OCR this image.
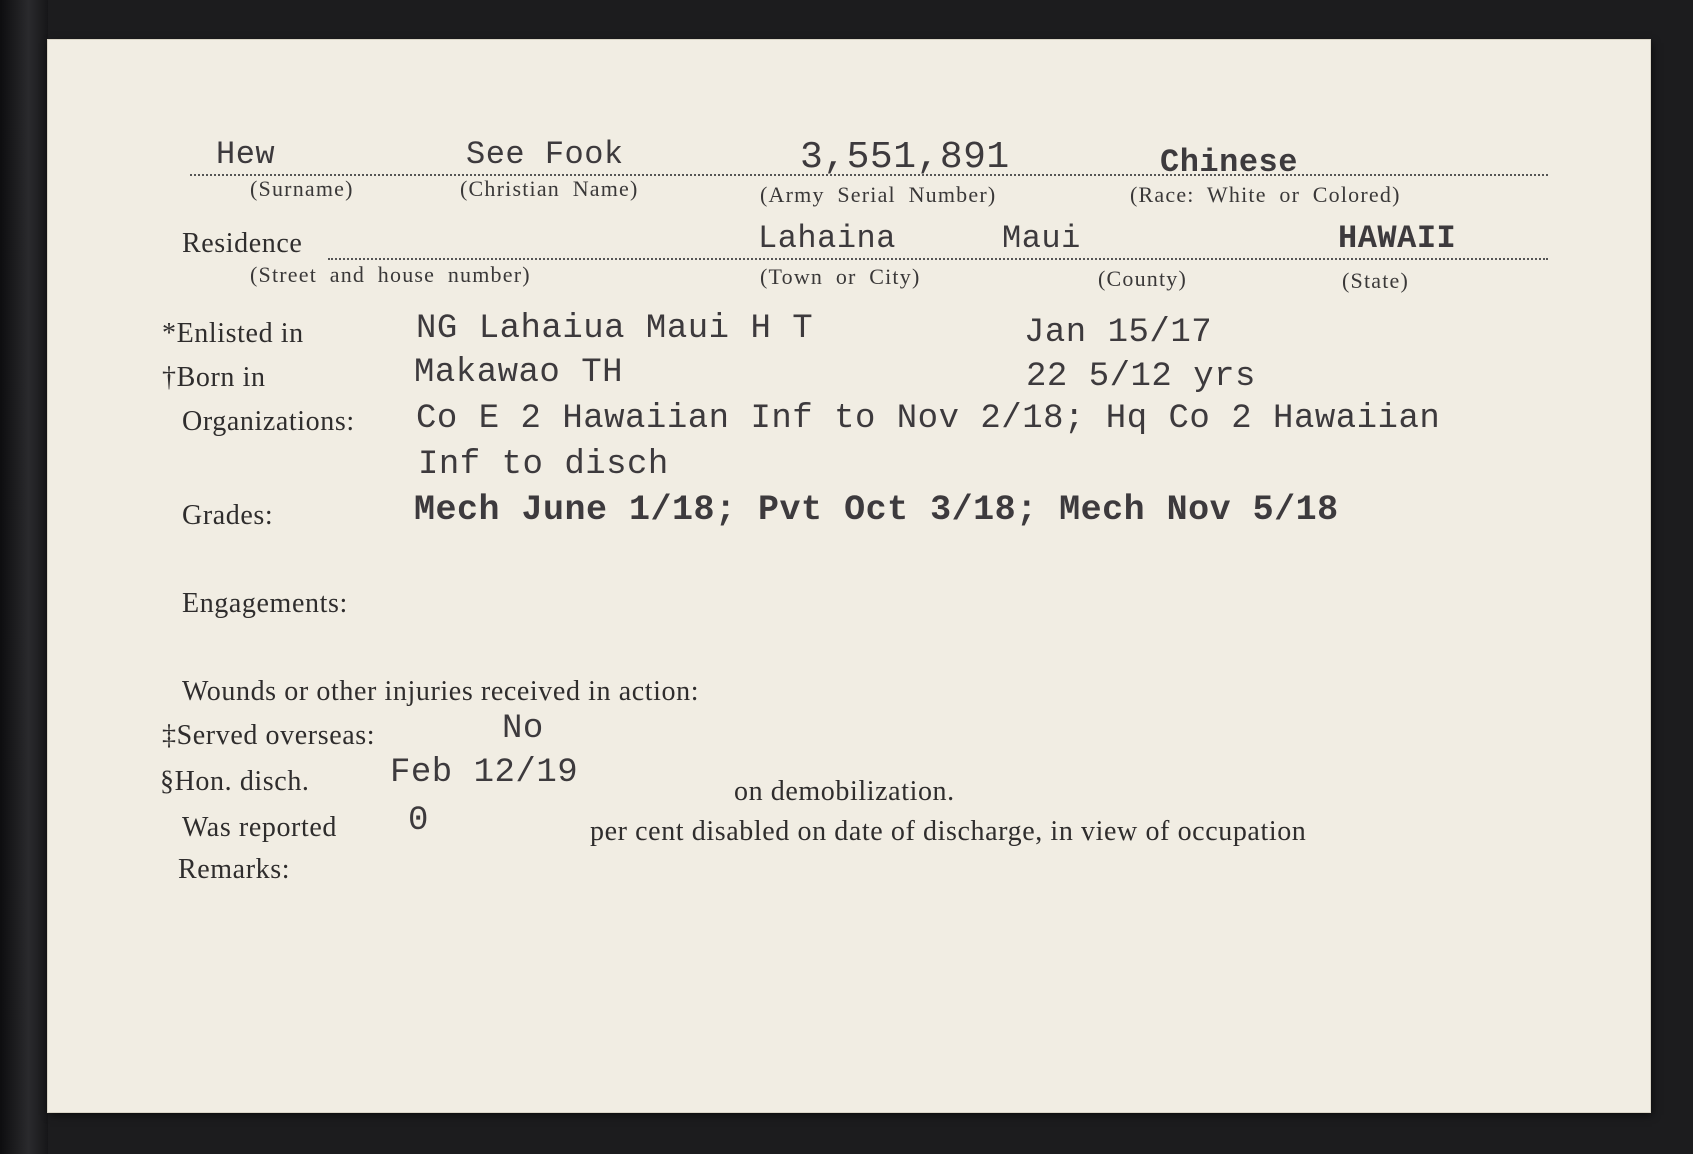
Hew	See Fook	3,551,891	Chinese
(Surname)	(Christian Name)	(Army Serial Number)	(Race: White or Colored)
Residence	Lahaina	Maui	HAWAII
(Street and house number)	(Town or City)	(County)	(State)
*Enlisted in	NG Lahaiua Maui H T	Jan 15/17
†Born in	Makawao TH	22 5/12 yrs
Organizations: Co E 2 Hawaiian Inf to Nov 2/18; Hq Co 2 Hawaiian
Inf to disch
Grades:	Mech June 1/18; Pvt Oct 3/18; Mech Nov 5/18
Engagements:
Wounds or other injuries received in action:
‡Served overseas:	No
§Hon. disch. Feb 12/19	on demobilization.
Was reported 0	per cent disabled on date of discharge, in view of occupation
Remarks:
